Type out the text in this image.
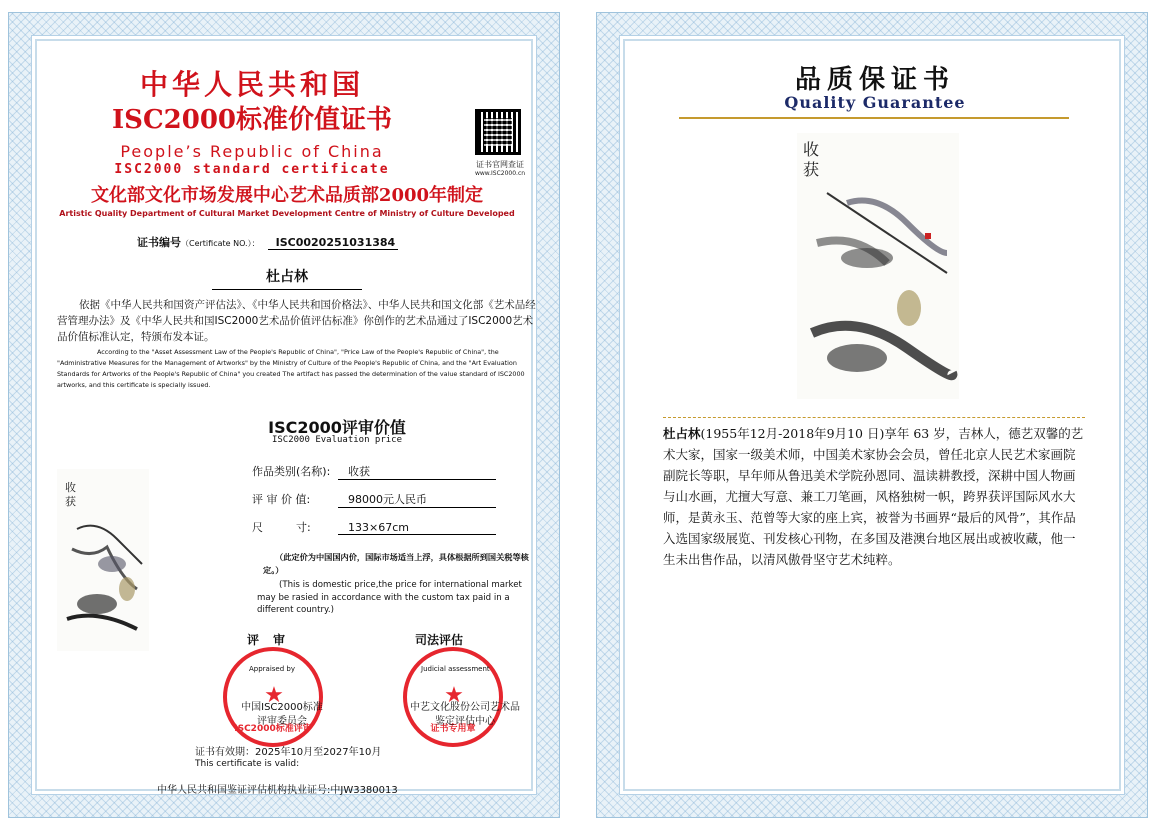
中华人民共和国
ISC2000标准价值证书
People’s Republic of China
ISC2000 standard certificate	证书官网查证
www.ISC2000.cn
文化部文化市场发展中心艺术品质部2000年制定
Artistic Quality Department of Cultural Market Development Centre of Ministry of Culture Developed
证书编号（Certificate NO.）： ISC0020251031384
杜占林
依据《中华人民共和国资产评估法》、《中华人民共和国价格法》、中华人民共和国文化部《艺术品经营管理办法》及《中华人民共和国ISC2000艺术品价值评估标准》你创作的艺术品通过了ISC2000艺术品价值标准认定，特颁布发本证。
According to the "Asset Assessment Law of the People's Republic of China", "Price Law of the People's Republic of China", the "Administrative Measures for the Management of Artworks" by the Ministry of Culture of the People's Republic of China, and the "Art Evaluation Standards for Artworks of the People's Republic of China" you created The artifact has passed the determination of the value standard of ISC2000 artworks, and this certificate is specially issued.
收
获
ISC2000评审价值
ISC2000 Evaluation price
作品类别(名称): 收获
评 审 价 值:	98000元人民币
尺　　　寸:	133×67cm
（此定价为中国国内价，国际市场适当上浮，具体根据所到国关税等核定。）
(This is domestic price,the price for international market may be rasied in accordance with the custom tax paid in a different country.)
评审	司法评估
★
ISC2000标准评审
★
证书专用章
Appraised by
中国ISC2000标准
评审委员会
Judicial assessment
中艺文化股份公司艺术品
鉴定评估中心
证书有效期：2025年10月至2027年10月
This certificate is valid:
中华人民共和国鉴证评估机构执业证号:中JW3380013
品质保证书
Quality Guarantee
收
获
杜占林(1955年12月-2018年9月10 日)享年 63 岁，吉林人，德艺双馨的艺术大家，国家一级美术师，中国美术家协会会员，曾任北京人民艺术家画院副院长等职，早年师从鲁迅美术学院孙恩同、温读耕教授，深耕中国人物画与山水画，尤擅大写意、兼工刀笔画，风格独树一帜，跨界获评国际风水大师，是黄永玉、范曾等大家的座上宾，被誉为书画界“最后的风骨”，其作品入选国家级展览、刊发核心刊物，在多国及港澳台地区展出或被收藏，他一生未出售作品，以清风傲骨坚守艺术纯粹。
